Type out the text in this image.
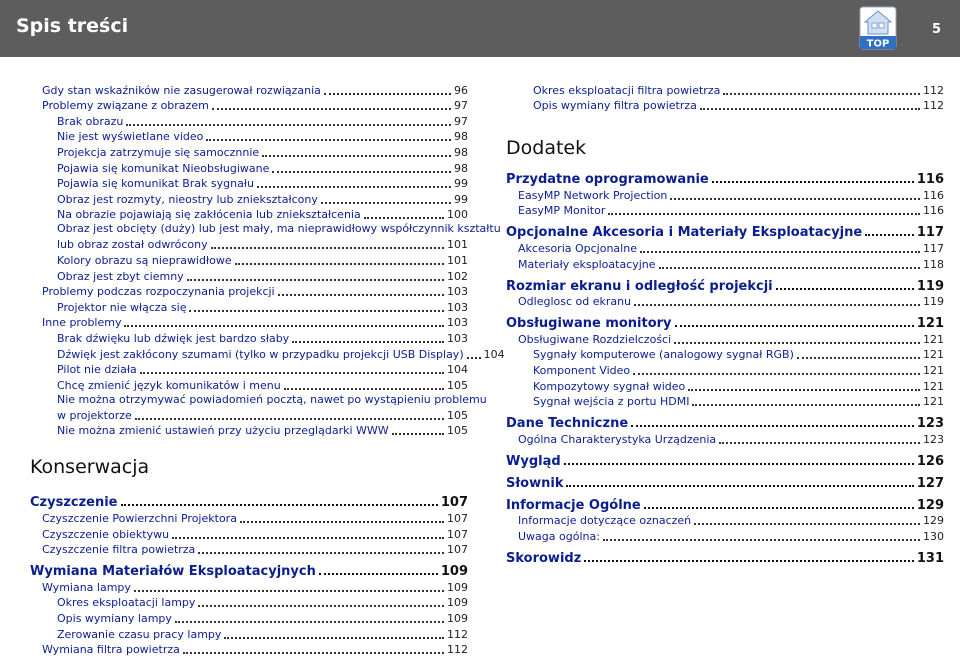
Spis treści
TOP
5
Gdy stan wskaźników nie zasugerował rozwiązania	96
Problemy związane z obrazem	97
Brak obrazu	97
Nie jest wyświetlane video	98
Projekcja zatrzymuje się samocznnie	98
Pojawia się komunikat Nieobsługiwane	98
Pojawia się komunikat Brak sygnału	99
Obraz jest rozmyty, nieostry lub zniekształcony	99
Na obrazie pojawiają się zakłócenia lub zniekształcenia	100
Obraz jest obcięty (duży) lub jest mały, ma nieprawidłowy współczynnik kształtu
lub obraz został odwrócony	101
Kolory obrazu są nieprawidłowe	101
Obraz jest zbyt ciemny	102
Problemy podczas rozpoczynania projekcji	103
Projektor nie włącza się	103
Inne problemy	103
Brak dźwięku lub dźwięk jest bardzo słaby	103
Dźwięk jest zakłócony szumami (tylko w przypadku projekcji USB Display) 104
Pilot nie działa	104
Chcę zmienić język komunikatów i menu	105
Nie można otrzymywać powiadomień pocztą, nawet po wystąpieniu problemu
w projektorze	105
Nie można zmienić ustawień przy użyciu przeglądarki WWW	105
Konserwacja
Czyszczenie	107
Czyszczenie Powierzchni Projektora	107
Czyszczenie obiektywu	107
Czyszczenie filtra powietrza	107
Wymiana Materiałów Eksploatacyjnych	109
Wymiana lampy	109
Okres eksploatacji lampy	109
Opis wymiany lampy	109
Zerowanie czasu pracy lampy	112
Wymiana filtra powietrza	112
Okres eksploatacji filtra powietrza	112
Opis wymiany filtra powietrza	112
Dodatek
Przydatne oprogramowanie	116
EasyMP Network Projection	116
EasyMP Monitor	116
Opcjonalne Akcesoria i Materiały Eksploatacyjne	117
Akcesoria Opcjonalne	117
Materiały eksploatacyjne	118
Rozmiar ekranu i odległość projekcji	119
Odleglosc od ekranu	119
Obsługiwane monitory	121
Obsługiwane Rozdzielczości	121
Sygnały komputerowe (analogowy sygnał RGB)	121
Komponent Video	121
Kompozytowy sygnał wideo	121
Sygnał wejścia z portu HDMI	121
Dane Techniczne	123
Ogólna Charakterystyka Urządzenia	123
Wygląd	126
Słownik	127
Informacje Ogólne	129
Informacje dotyczące oznaczeń	129
Uwaga ogólna:	130
Skorowidz	131
